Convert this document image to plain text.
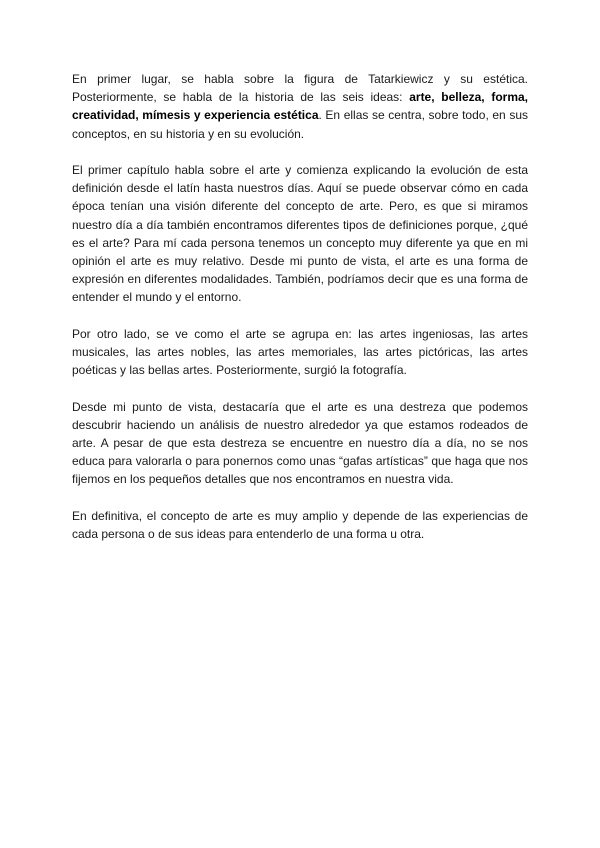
En primer lugar, se habla sobre la figura de Tatarkiewicz y su estética. Posteriormente, se habla de la historia de las seis ideas: arte, belleza, forma, creatividad, mímesis y experiencia estética. En ellas se centra, sobre todo, en sus conceptos, en su historia y en su evolución.

El primer capítulo habla sobre el arte y comienza explicando la evolución de esta definición desde el latín hasta nuestros días. Aquí se puede observar cómo en cada época tenían una visión diferente del concepto de arte. Pero, es que si miramos nuestro día a día también encontramos diferentes tipos de definiciones porque, ¿qué es el arte? Para mí cada persona tenemos un concepto muy diferente ya que en mi opinión el arte es muy relativo. Desde mi punto de vista, el arte es una forma de expresión en diferentes modalidades. También, podríamos decir que es una forma de entender el mundo y el entorno.

Por otro lado, se ve como el arte se agrupa en: las artes ingeniosas, las artes musicales, las artes nobles, las artes memoriales, las artes pictóricas, las artes poéticas y las bellas artes. Posteriormente, surgió la fotografía.

Desde mi punto de vista, destacaría que el arte es una destreza que podemos descubrir haciendo un análisis de nuestro alrededor ya que estamos rodeados de arte. A pesar de que esta destreza se encuentre en nuestro día a día, no se nos educa para valorarla o para ponernos como unas “gafas artísticas” que haga que nos fijemos en los pequeños detalles que nos encontramos en nuestra vida.

En definitiva, el concepto de arte es muy amplio y depende de las experiencias de cada persona o de sus ideas para entenderlo de una forma u otra.
